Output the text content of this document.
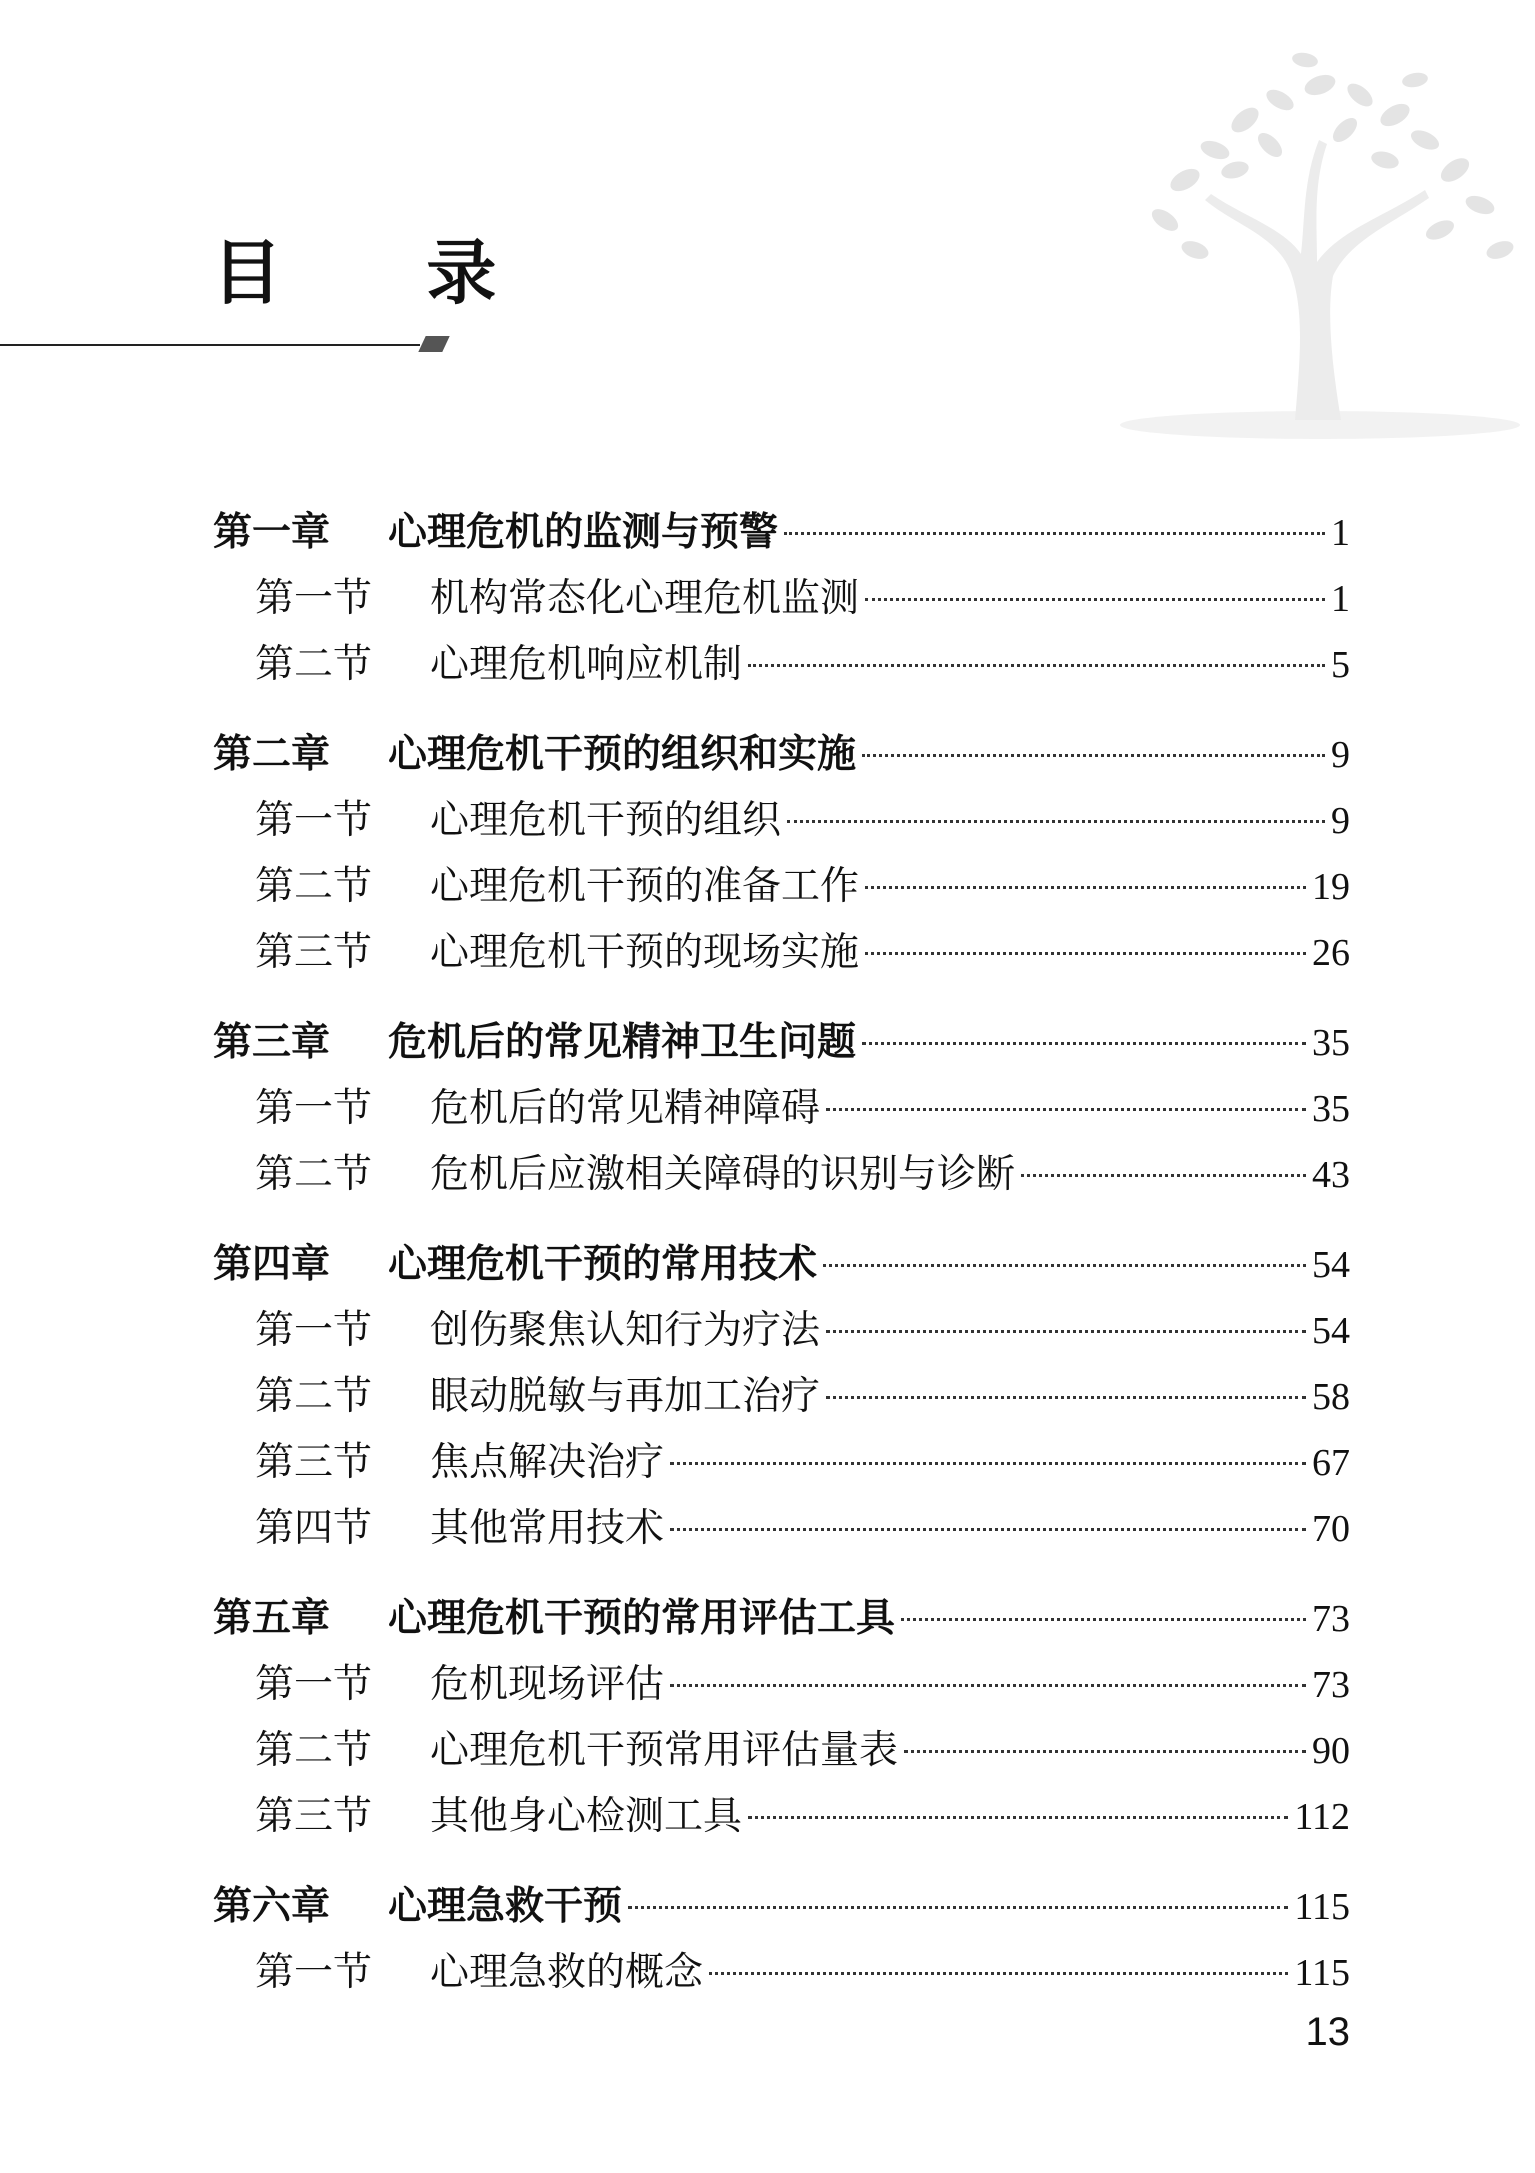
目 录
第一章	心理危机的监测与预警	1
第一节	机构常态化心理危机监测	1
第二节	心理危机响应机制	5
第二章	心理危机干预的组织和实施	9
第一节	心理危机干预的组织	9
第二节	心理危机干预的准备工作	19
第三节	心理危机干预的现场实施	26
第三章	危机后的常见精神卫生问题	35
第一节	危机后的常见精神障碍	35
第二节	危机后应激相关障碍的识别与诊断	43
第四章	心理危机干预的常用技术	54
第一节	创伤聚焦认知行为疗法	54
第二节	眼动脱敏与再加工治疗	58
第三节	焦点解决治疗	67
第四节	其他常用技术	70
第五章	心理危机干预的常用评估工具	73
第一节	危机现场评估	73
第二节	心理危机干预常用评估量表	90
第三节	其他身心检测工具	112
第六章	心理急救干预	115
第一节	心理急救的概念	115
13
